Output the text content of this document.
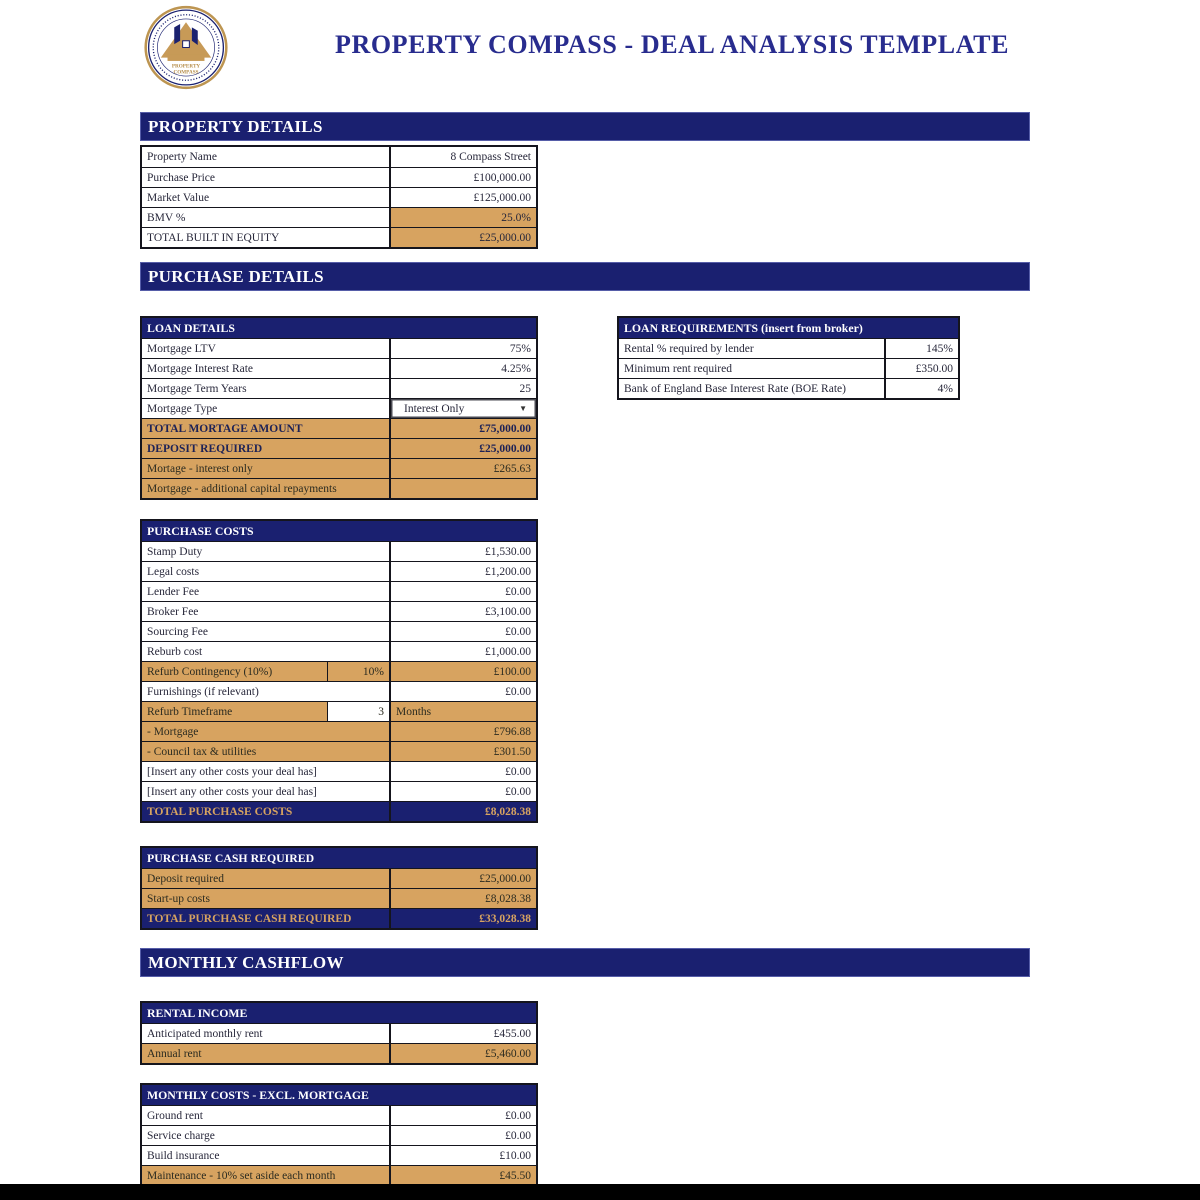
PROPERTY
COMPASS
PROPERTY COMPASS - DEAL ANALYSIS TEMPLATE
PROPERTY DETAILS
PURCHASE DETAILS
MONTHLY CASHFLOW
Property Name	8 Compass Street
Purchase Price	£100,000.00
Market Value	£125,000.00
BMV %	25.0%
TOTAL BUILT IN EQUITY	£25,000.00
LOAN DETAILS
Mortgage LTV	75%
Mortgage Interest Rate	4.25%
Mortgage Term Years	25
Mortgage Type	Interest Only	▼
TOTAL MORTAGE AMOUNT	£75,000.00
DEPOSIT REQUIRED	£25,000.00
Mortage - interest only	£265.63
Mortgage - additional capital repayments
LOAN REQUIREMENTS (insert from broker)
Rental % required by lender	145%
Minimum rent required	£350.00
Bank of England Base Interest Rate (BOE Rate)	4%
PURCHASE COSTS
Stamp Duty	£1,530.00
Legal costs	£1,200.00
Lender Fee	£0.00
Broker Fee	£3,100.00
Sourcing Fee	£0.00
Reburb cost	£1,000.00
Refurb Contingency (10%)	10%	£100.00
Furnishings (if relevant)	£0.00
Refurb Timeframe	3	Months
- Mortgage	£796.88
- Council tax & utilities	£301.50
[Insert any other costs your deal has]	£0.00
[Insert any other costs your deal has]	£0.00
TOTAL PURCHASE COSTS	£8,028.38
PURCHASE CASH REQUIRED
Deposit required	£25,000.00
Start-up costs	£8,028.38
TOTAL PURCHASE CASH REQUIRED	£33,028.38
RENTAL INCOME
Anticipated monthly rent	£455.00
Annual rent	£5,460.00
MONTHLY COSTS - EXCL. MORTGAGE
Ground rent	£0.00
Service charge	£0.00
Build insurance	£10.00
Maintenance - 10% set aside each month	£45.50
